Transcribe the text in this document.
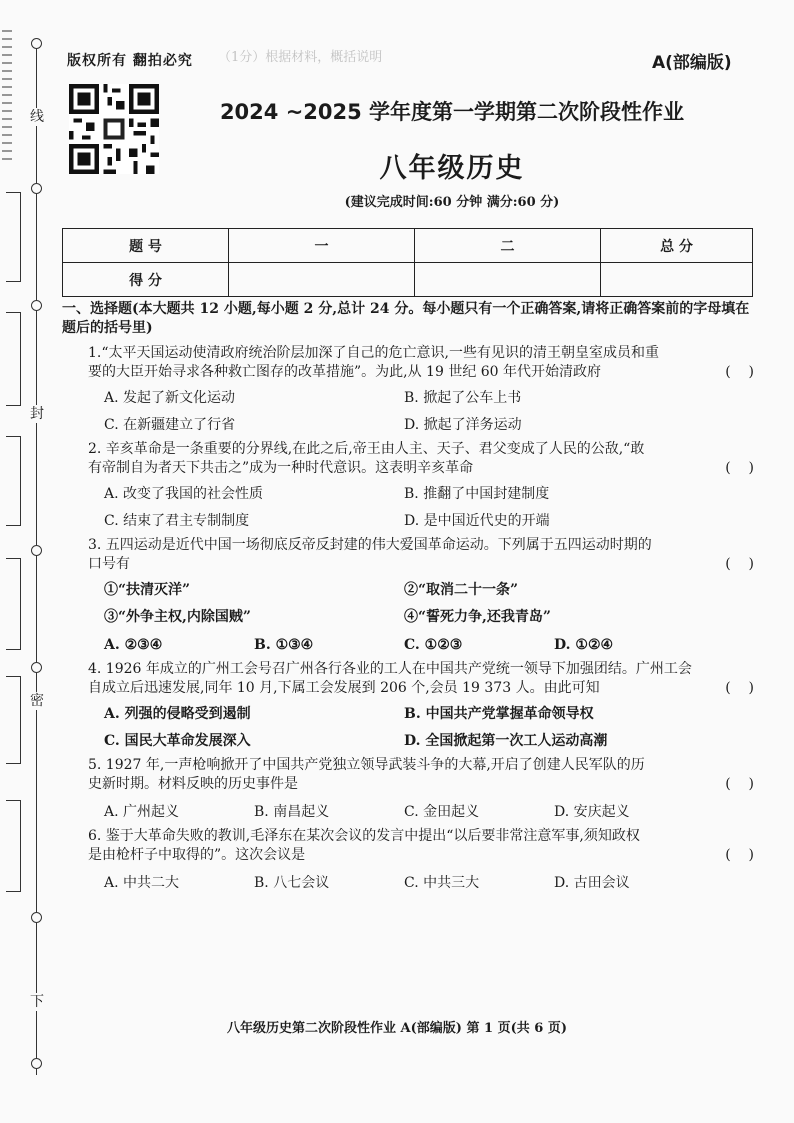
线
封
密
下
版权所有 翻拍必究 （1分）根据材料，概括说明	A(部编版)
2024 ~2025 学年度第一学期第二次阶段性作业
八年级历史
(建议完成时间:60 分钟 满分:60 分)
题 号	一	二	总 分
得 分			
一、选择题(本大题共 12 小题,每小题 2 分,总计 24 分。每小题只有一个正确答案,请将正确答案前的字母填在题后的括号里)
1.“太平天国运动使清政府统治阶层加深了自己的危亡意识,一些有见识的清王朝皇室成员和重
要的大臣开始寻求各种救亡图存的改革措施”。为此,从 19 世纪 60 年代开始清政府	(    )
A. 发起了新文化运动	B. 掀起了公车上书
C. 在新疆建立了行省	D. 掀起了洋务运动
2. 辛亥革命是一条重要的分界线,在此之后,帝王由人主、天子、君父变成了人民的公敌,“敢
有帝制自为者天下共击之”成为一种时代意识。这表明辛亥革命	(    )
A. 改变了我国的社会性质	B. 推翻了中国封建制度
C. 结束了君主专制制度	D. 是中国近代史的开端
3. 五四运动是近代中国一场彻底反帝反封建的伟大爱国革命运动。下列属于五四运动时期的
口号有	(    )
①“扶清灭洋”	②“取消二十一条”
③“外争主权,内除国贼”	④“誓死力争,还我青岛”
A. ②③④	B. ①③④	C. ①②③	D. ①②④
4. 1926 年成立的广州工会号召广州各行各业的工人在中国共产党统一领导下加强团结。广州工会
自成立后迅速发展,同年 10 月,下属工会发展到 206 个,会员 19 373 人。由此可知	(    )
A. 列强的侵略受到遏制	B. 中国共产党掌握革命领导权
C. 国民大革命发展深入	D. 全国掀起第一次工人运动高潮
5. 1927 年,一声枪响掀开了中国共产党独立领导武装斗争的大幕,开启了创建人民军队的历
史新时期。材料反映的历史事件是	(    )
A. 广州起义	B. 南昌起义	C. 金田起义	D. 安庆起义
6. 鉴于大革命失败的教训,毛泽东在某次会议的发言中提出“以后要非常注意军事,须知政权
是由枪杆子中取得的”。这次会议是	(    )
A. 中共二大	B. 八七会议	C. 中共三大	D. 古田会议
八年级历史第二次阶段性作业 A(部编版) 第 1 页(共 6 页)
